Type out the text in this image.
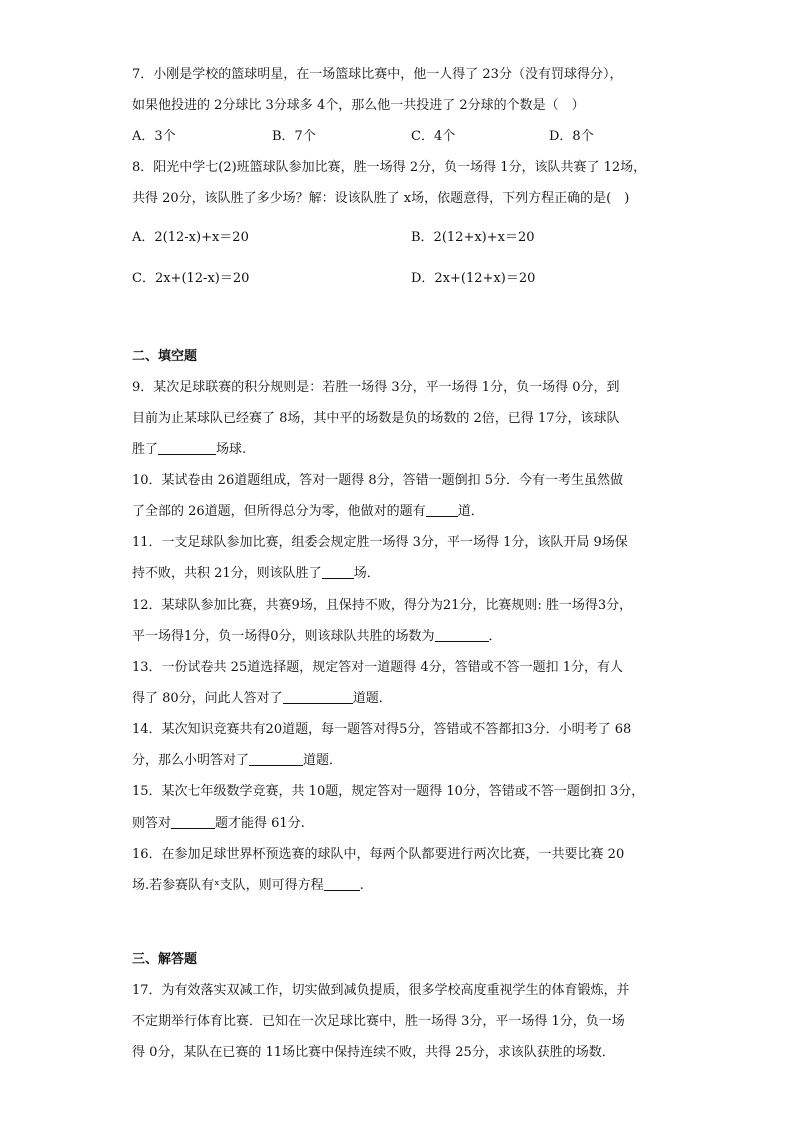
7．小刚是学校的篮球明星，在一场篮球比赛中，他一人得了 23分（没有罚球得分），
如果他投进的 2分球比 3分球多 4个，那么他一共投进了 2分球的个数是（　）
A．3个	B．7个	C．4个	D．8个
8．阳光中学七(2)班篮球队参加比赛，胜一场得 2分，负一场得 1分，该队共赛了 12场，
共得 20分，该队胜了多少场？解：设该队胜了 x场，依题意得，下列方程正确的是(　)
A．2(12-x)+x＝20	B．2(12+x)+x＝20
C．2x+(12-x)＝20	D．2x+(12+x)＝20
二、填空题
9．某次足球联赛的积分规则是：若胜一场得 3分，平一场得 1分，负一场得 0分，到
目前为止某球队已经赛了 8场，其中平的场数是负的场数的 2倍，已得 17分，该球队
胜了	场球.
10．某试卷由 26道题组成，答对一题得 8分，答错一题倒扣 5分．今有一考生虽然做
了全部的 26道题，但所得总分为零，他做对的题有 道．
11．一支足球队参加比赛，组委会规定胜一场得 3分，平一场得 1分，该队开局 9场保
持不败，共积 21分，则该队胜了 场．
12．某球队参加比赛，共赛9场，且保持不败，得分为21分，比赛规则: 胜一场得3分，
平一场得1分，负一场得0分，则该球队共胜的场数为	．
13．一份试卷共 25道选择题，规定答对一道题得 4分，答错或不答一题扣 1分，有人
得了 80分，问此人答对了	道题．
14．某次知识竞赛共有20道题，每一题答对得5分，答错或不答都扣3分．小明考了 68
分，那么小明答对了	道题．
15．某次七年级数学竞赛，共 10题，规定答对一题得 10分，答错或不答一题倒扣 3分，
则答对	题才能得 61分.
16．在参加足球世界杯预选赛的球队中，每两个队都要进行两次比赛，一共要比赛 20
场.若参赛队有ˣ支队，则可得方程	.
三、解答题
17．为有效落实双减工作，切实做到减负提质，很多学校高度重视学生的体育锻炼，并
不定期举行体育比赛．已知在一次足球比赛中，胜一场得 3分，平一场得 1分，负一场
得 0分，某队在已赛的 11场比赛中保持连续不败，共得 25分，求该队获胜的场数．
